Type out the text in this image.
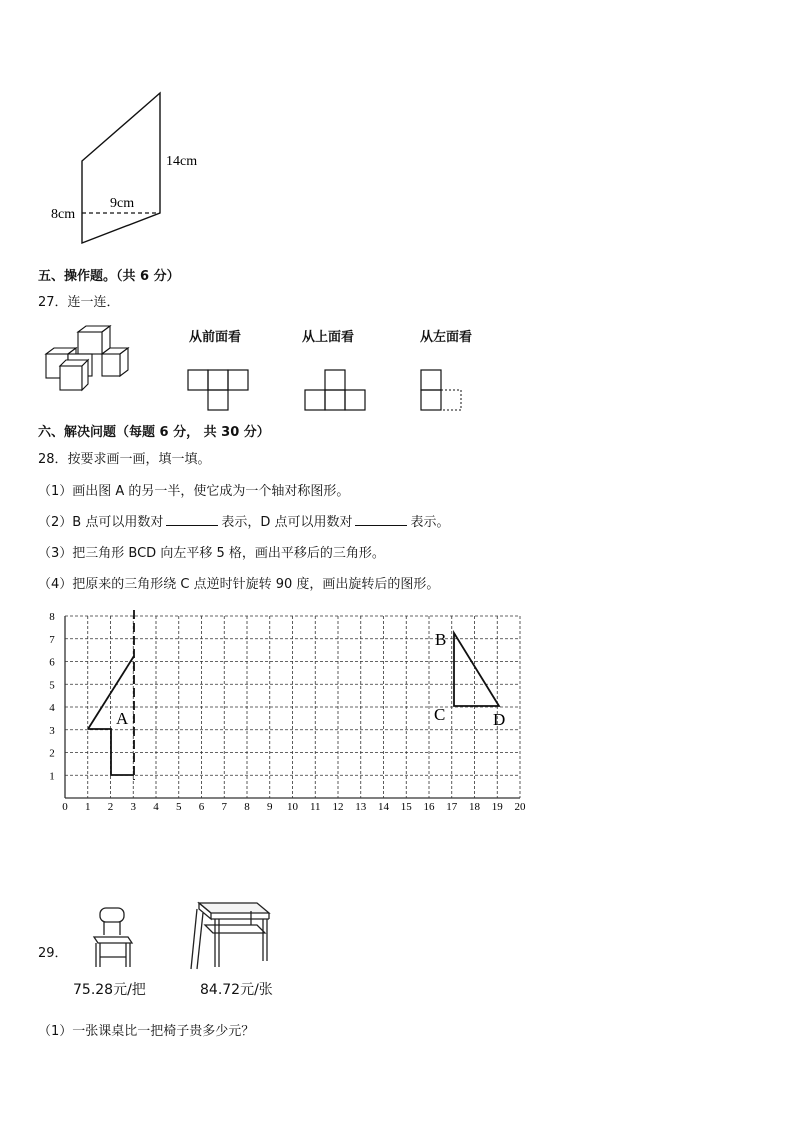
14cm
9cm
8cm
五、操作题。（共 6 分）
27．连一连．
从前面看	从上面看	从左面看
六、解决问题（每题 6 分， 共 30 分）
28．按要求画一画，填一填。
（1）画出图 A 的另一半，使它成为一个轴对称图形。
（2）B 点可以用数对	表示，D 点可以用数对	表示。
（3）把三角形 BCD 向左平移 5 格，画出平移后的三角形。
（4）把原来的三角形绕 C 点逆时针旋转 90 度，画出旋转后的图形。
0 1 2 3 4 5 6 7 8 9 10 11 12 13 14 15 16 17 18 19 20
1
2
3
4
5
6
7
8
A
B
C	D
29．
75.28元/把	84.72元/张
（1）一张课桌比一把椅子贵多少元？
